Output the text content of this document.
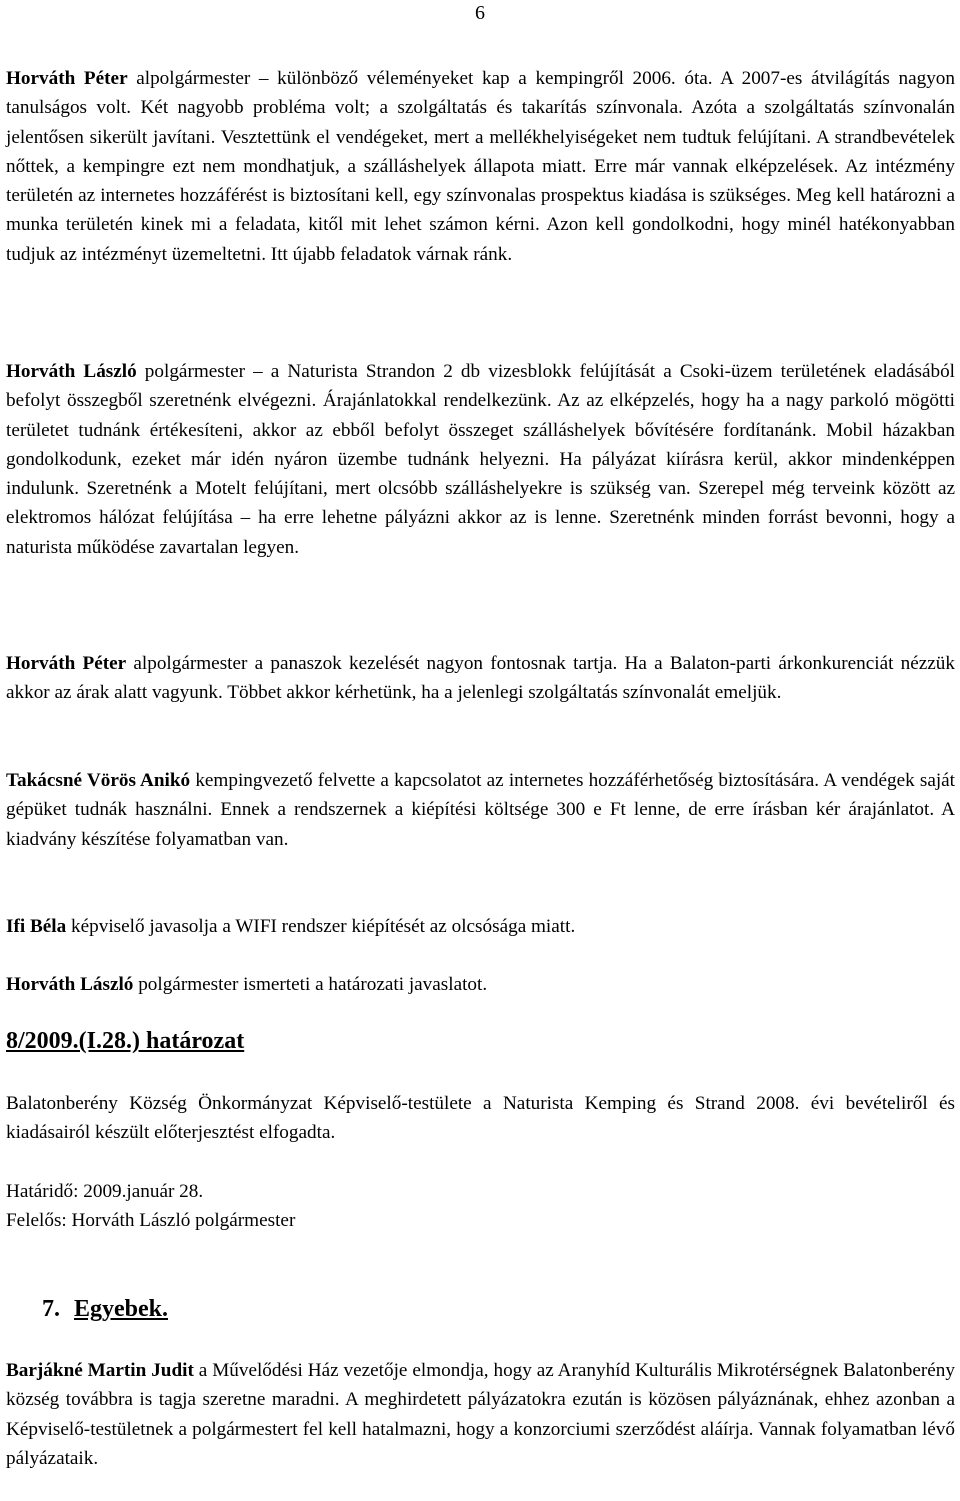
6

Horváth Péter alpolgármester – különböző véleményeket kap a kempingről 2006. óta. A 2007-es átvilágítás nagyon tanulságos volt. Két nagyobb probléma volt; a szolgáltatás és takarítás színvonala. Azóta a szolgáltatás színvonalán jelentősen sikerült javítani. Vesztettünk el vendégeket, mert a mellékhelyiségeket nem tudtuk felújítani. A strandbevételek nőttek, a kempingre ezt nem mondhatjuk, a szálláshelyek állapota miatt. Erre már vannak elképzelések. Az intézmény területén az internetes hozzáférést is biztosítani kell, egy színvonalas prospektus kiadása is szükséges. Meg kell határozni a munka területén kinek mi a feladata, kitől mit lehet számon kérni. Azon kell gondolkodni, hogy minél hatékonyabban tudjuk az intézményt üzemeltetni. Itt újabb feladatok várnak ránk.

Horváth László polgármester – a Naturista Strandon 2 db vizesblokk felújítását a Csoki-üzem területének eladásából befolyt összegből szeretnénk elvégezni. Árajánlatokkal rendelkezünk. Az az elképzelés, hogy ha a nagy parkoló mögötti területet tudnánk értékesíteni, akkor az ebből befolyt összeget szálláshelyek bővítésére fordítanánk. Mobil házakban gondolkodunk, ezeket már idén nyáron üzembe tudnánk helyezni. Ha pályázat kiírásra kerül, akkor mindenképpen indulunk. Szeretnénk a Motelt felújítani, mert olcsóbb szálláshelyekre is szükség van. Szerepel még terveink között az elektromos hálózat felújítása – ha erre lehetne pályázni akkor az is lenne. Szeretnénk minden forrást bevonni, hogy a naturista működése zavartalan legyen.

Horváth Péter alpolgármester a panaszok kezelését nagyon fontosnak tartja. Ha a Balaton-parti árkonkurenciát nézzük akkor az árak alatt vagyunk. Többet akkor kérhetünk, ha a jelenlegi szolgáltatás színvonalát emeljük.

Takácsné Vörös Anikó kempingvezető felvette a kapcsolatot az internetes hozzáférhetőség biztosítására. A vendégek saját gépüket tudnák használni. Ennek a rendszernek a kiépítési költsége 300 e Ft lenne, de erre írásban kér árajánlatot. A kiadvány készítése folyamatban van.

Ifi Béla képviselő javasolja a WIFI rendszer kiépítését az olcsósága miatt.

Horváth László polgármester ismerteti a határozati javaslatot.

8/2009.(I.28.) határozat

Balatonberény Község Önkormányzat Képviselő-testülete a Naturista Kemping és Strand 2008. évi bevételiről és kiadásairól készült előterjesztést elfogadta.

Határidő: 2009.január 28.

Felelős: Horváth László polgármester

7. Egyebek.

Barjákné Martin Judit a Művelődési Ház vezetője elmondja, hogy az Aranyhíd Kulturális Mikrotérségnek Balatonberény község továbbra is tagja szeretne maradni. A meghirdetett pályázatokra ezután is közösen pályáznának, ehhez azonban a Képviselő-testületnek a polgármestert fel kell hatalmazni, hogy a konzorciumi szerződést aláírja. Vannak folyamatban lévő pályázataik.
